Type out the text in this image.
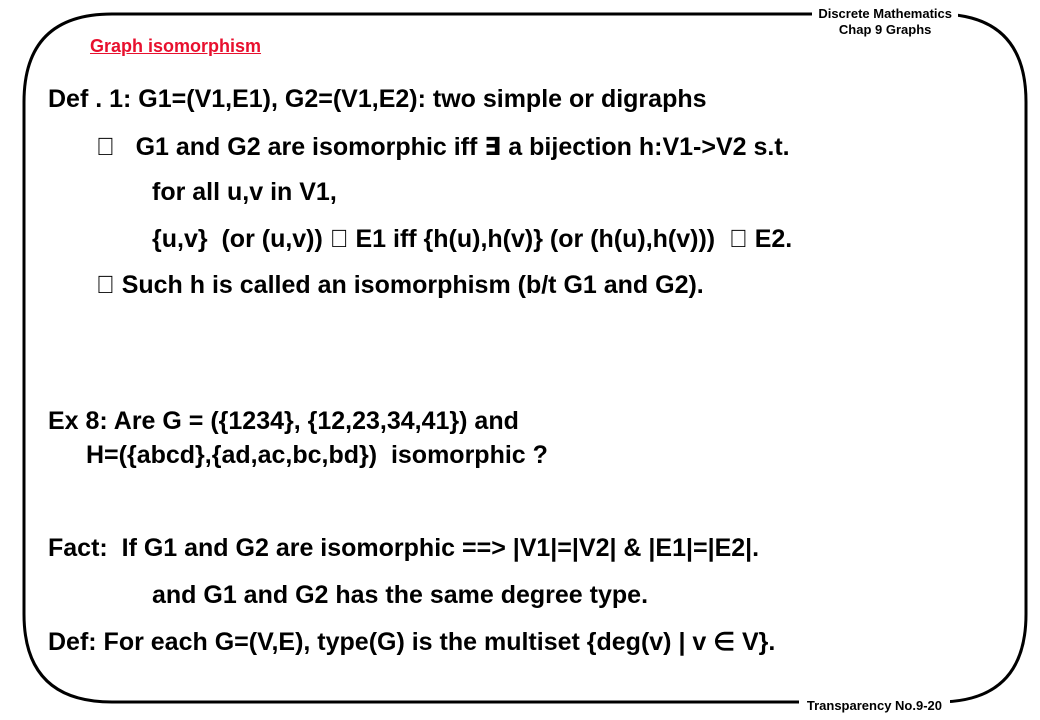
Discrete Mathematics
Chap 9 Graphs
Graph isomorphism
Def . 1: G1=(V1,E1), G2=(V1,E2): two simple or digraphs
    G1 and G2 are isomorphic iff ∃ a bijection h:V1->V2 s.t.
for all u,v in V1,
{u,v}  (or (u,v))   E1 iff {h(u),h(v)} (or (h(u),h(v)))    E2.
  Such h is called an isomorphism (b/t G1 and G2).
Ex 8: Are G = ({1234}, {12,23,34,41}) and
H=({abcd},{ad,ac,bc,bd})  isomorphic ?
Fact:  If G1 and G2 are isomorphic ==> |V1|=|V2| & |E1|=|E2|.
and G1 and G2 has the same degree type.
Def: For each G=(V,E), type(G) is the multiset {deg(v) | v ∈ V}.
Transparency No.9-20
